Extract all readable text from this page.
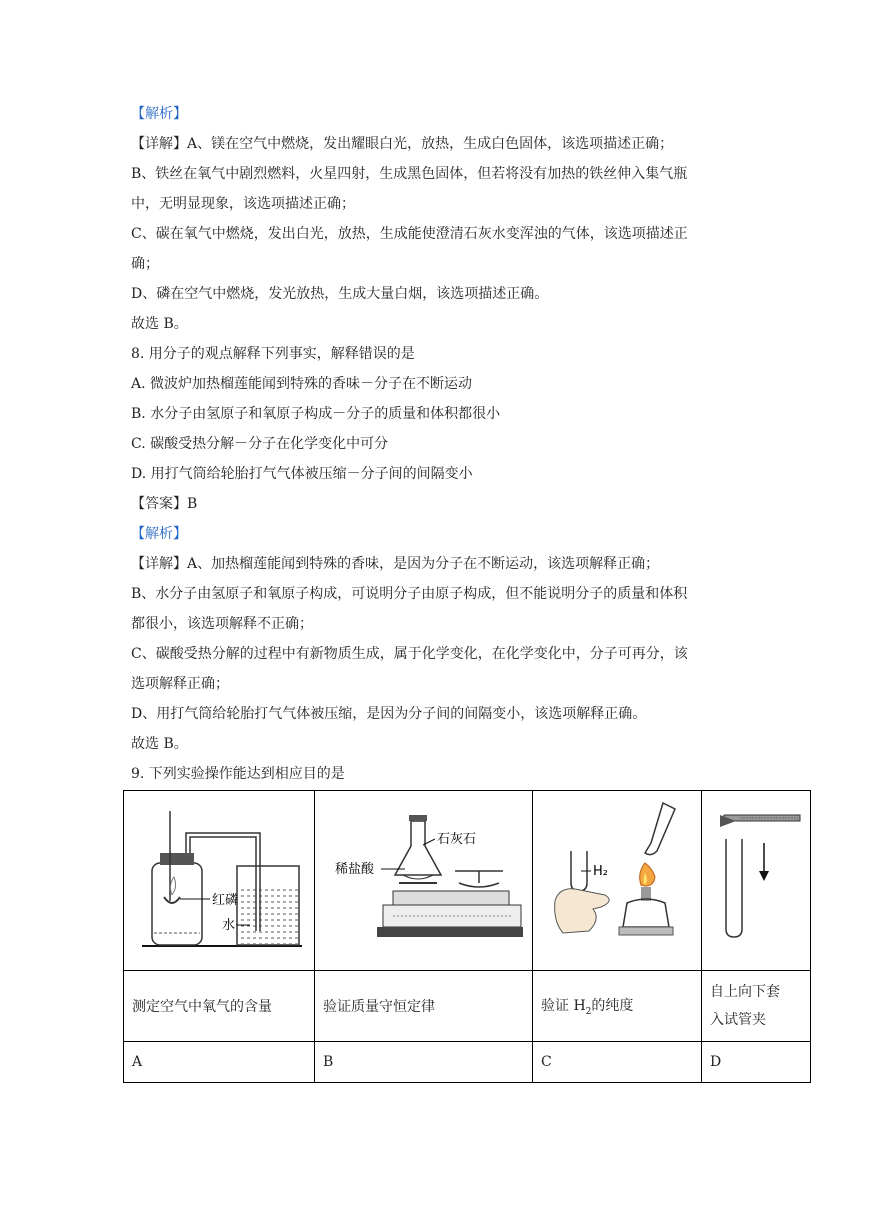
【解析】
【详解】A、镁在空气中燃烧，发出耀眼白光，放热，生成白色固体，该选项描述正确；
B、铁丝在氧气中剧烈燃料，火星四射，生成黑色固体，但若将没有加热的铁丝伸入集气瓶
中，无明显现象，该选项描述正确；
C、碳在氧气中燃烧，发出白光，放热，生成能使澄清石灰水变浑浊的气体，该选项描述正
确；
D、磷在空气中燃烧，发光放热，生成大量白烟，该选项描述正确。
故选 B。
8. 用分子的观点解释下列事实，解释错误的是
A. 微波炉加热榴莲能闻到特殊的香味－分子在不断运动
B. 水分子由氢原子和氧原子构成－分子的质量和体积都很小
C. 碳酸受热分解－分子在化学变化中可分
D. 用打气筒给轮胎打气气体被压缩－分子间的间隔变小
【答案】B
【解析】
【详解】A、加热榴莲能闻到特殊的香味，是因为分子在不断运动，该选项解释正确；
B、水分子由氢原子和氧原子构成，可说明分子由原子构成，但不能说明分子的质量和体积
都很小，该选项解释不正确；
C、碳酸受热分解的过程中有新物质生成，属于化学变化，在化学变化中，分子可再分，该
选项解释正确；
D、用打气筒给轮胎打气气体被压缩，是因为分子间的间隔变小，该选项解释正确。
故选 B。
9. 下列实验操作能达到相应目的是
红磷
水	石灰石
稀盐酸	H₂

测定空气中氧气的含量	验证质量守恒定律	验证 $H_2$的纯度	自上向下套
入试管夹
A	B	C	D
